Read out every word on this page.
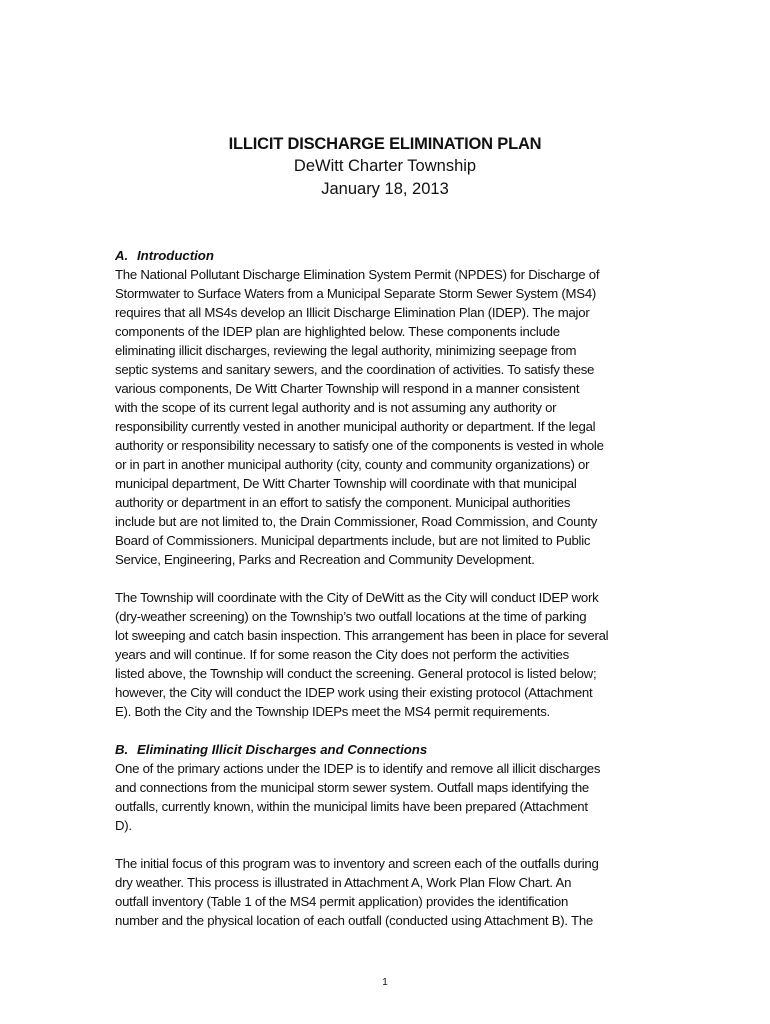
ILLICIT DISCHARGE ELIMINATION PLAN
DeWitt Charter Township
January 18, 2013
A. Introduction
The National Pollutant Discharge Elimination System Permit (NPDES) for Discharge of
Stormwater to Surface Waters from a Municipal Separate Storm Sewer System (MS4)
requires that all MS4s develop an Illicit Discharge Elimination Plan (IDEP). The major
components of the IDEP plan are highlighted below. These components include
eliminating illicit discharges, reviewing the legal authority, minimizing seepage from
septic systems and sanitary sewers, and the coordination of activities. To satisfy these
various components, De Witt Charter Township will respond in a manner consistent
with the scope of its current legal authority and is not assuming any authority or
responsibility currently vested in another municipal authority or department. If the legal
authority or responsibility necessary to satisfy one of the components is vested in whole
or in part in another municipal authority (city, county and community organizations) or
municipal department, De Witt Charter Township will coordinate with that municipal
authority or department in an effort to satisfy the component. Municipal authorities
include but are not limited to, the Drain Commissioner, Road Commission, and County
Board of Commissioners. Municipal departments include, but are not limited to Public
Service, Engineering, Parks and Recreation and Community Development.
The Township will coordinate with the City of DeWitt as the City will conduct IDEP work
(dry-weather screening) on the Township’s two outfall locations at the time of parking
lot sweeping and catch basin inspection. This arrangement has been in place for several
years and will continue. If for some reason the City does not perform the activities
listed above, the Township will conduct the screening. General protocol is listed below;
however, the City will conduct the IDEP work using their existing protocol (Attachment
E). Both the City and the Township IDEPs meet the MS4 permit requirements.
B. Eliminating Illicit Discharges and Connections
One of the primary actions under the IDEP is to identify and remove all illicit discharges
and connections from the municipal storm sewer system. Outfall maps identifying the
outfalls, currently known, within the municipal limits have been prepared (Attachment
D).
The initial focus of this program was to inventory and screen each of the outfalls during
dry weather. This process is illustrated in Attachment A, Work Plan Flow Chart. An
outfall inventory (Table 1 of the MS4 permit application) provides the identification
number and the physical location of each outfall (conducted using Attachment B). The
1
